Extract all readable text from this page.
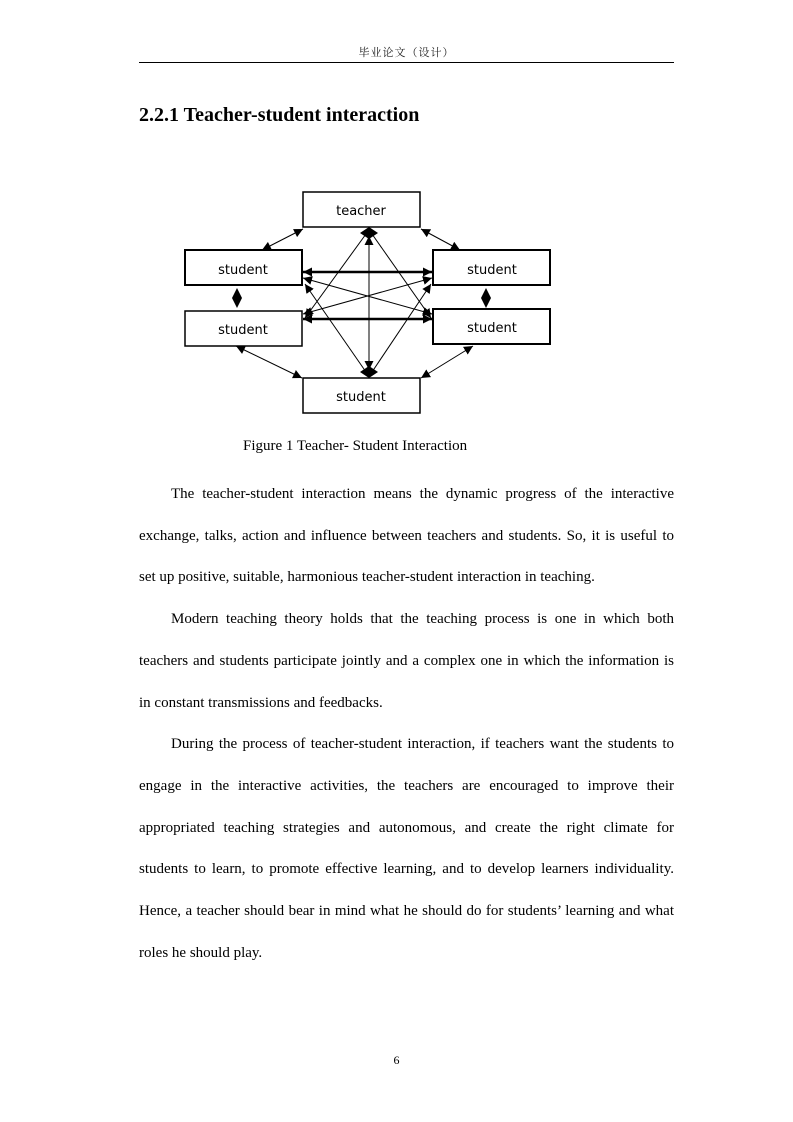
毕业论文（设计）
2.2.1 Teacher-student interaction
teacher
student
student
student
student
student
Figure 1 Teacher- Student Interaction

The teacher-student interaction means the dynamic progress of the interactive exchange, talks, action and influence between teachers and students. So, it is useful to set up positive, suitable, harmonious teacher-student interaction in teaching.

Modern teaching theory holds that the teaching process is one in which both teachers and students participate jointly and a complex one in which the information is in constant transmissions and feedbacks.

During the process of teacher-student interaction, if teachers want the students to engage in the interactive activities, the teachers are encouraged to improve their appropriated teaching strategies and autonomous, and create the right climate for students to learn, to promote effective learning, and to develop learners individuality. Hence, a teacher should bear in mind what he should do for students’ learning and what roles he should play.

6
